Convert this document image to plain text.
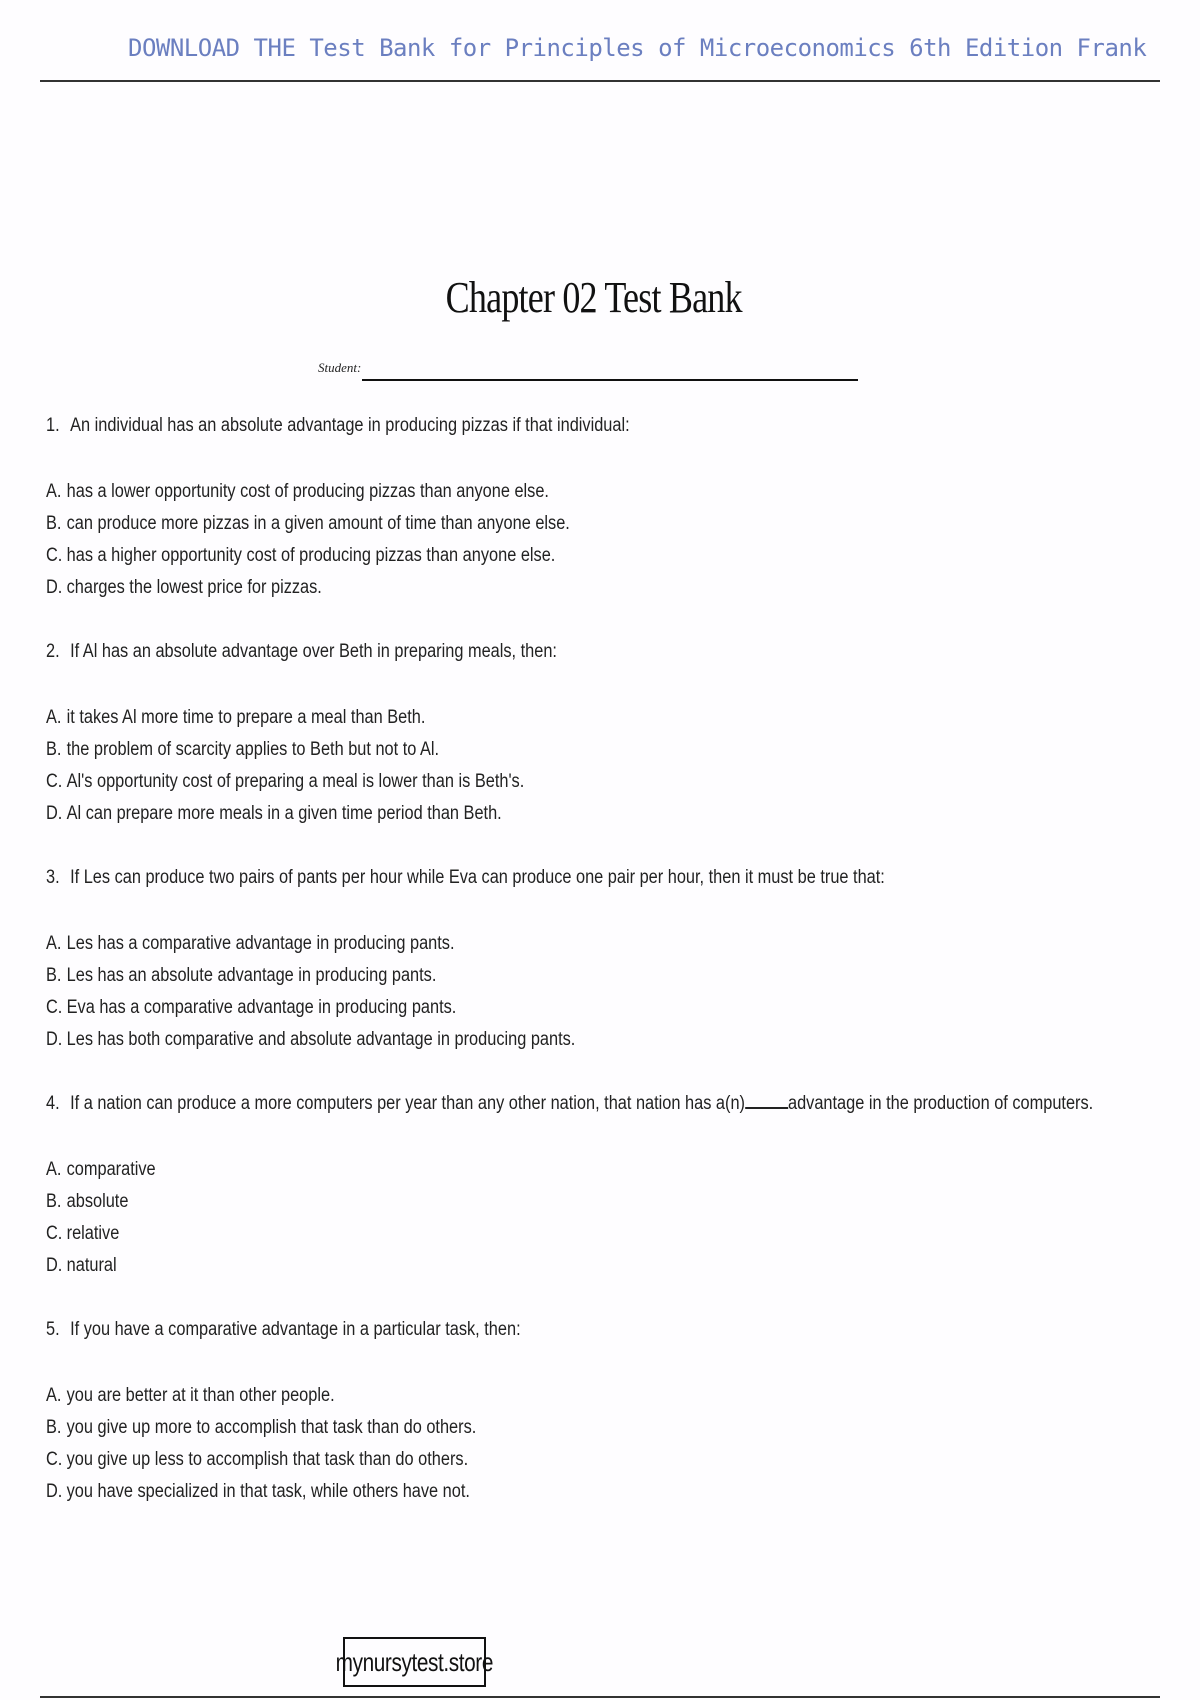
DOWNLOAD THE Test Bank for Principles of Microeconomics 6th Edition Frank
Chapter 02 Test Bank
Student:
1. An individual has an absolute advantage in producing pizzas if that individual:
A. has a lower opportunity cost of producing pizzas than anyone else.
B. can produce more pizzas in a given amount of time than anyone else.
C. has a higher opportunity cost of producing pizzas than anyone else.
D. charges the lowest price for pizzas.
2. If Al has an absolute advantage over Beth in preparing meals, then:
A. it takes Al more time to prepare a meal than Beth.
B. the problem of scarcity applies to Beth but not to Al.
C. Al's opportunity cost of preparing a meal is lower than is Beth's.
D. Al can prepare more meals in a given time period than Beth.
3. If Les can produce two pairs of pants per hour while Eva can produce one pair per hour, then it must be true that:
A. Les has a comparative advantage in producing pants.
B. Les has an absolute advantage in producing pants.
C. Eva has a comparative advantage in producing pants.
D. Les has both comparative and absolute advantage in producing pants.
4. If a nation can produce a more computers per year than any other nation, that nation has a(n) advantage in the production of computers.
A. comparative
B. absolute
C. relative
D. natural
5. If you have a comparative advantage in a particular task, then:
A. you are better at it than other people.
B. you give up more to accomplish that task than do others.
C. you give up less to accomplish that task than do others.
D. you have specialized in that task, while others have not.
mynursytest.store
